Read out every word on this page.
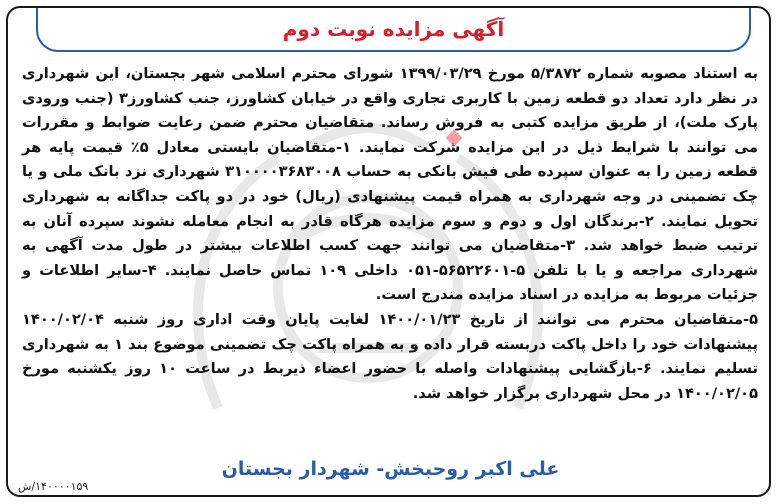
آگهی مزایده نوبت دوم

به استناد مصوبه شماره ۵/۳۸۷۲ مورخ ۱۳۹۹/۰۳/۲۹ شورای محترم اسلامی شهر بجستان، این شهرداری در نظر دارد تعداد دو قطعه زمین با کاربری تجاری واقع در خیابان کشاورز، جنب کشاورز۳ (جنب ورودی پارک ملت)، از طریق مزایده کتبی به فروش رساند. متقاضیان محترم ضمن رعایت ضوابط و مقررات می توانند با شرایط ذیل در این مزایده شرکت نمایند. ۱-متقاضیان بایستی معادل ۵٪ قیمت پایه هر قطعه زمین را به عنوان سپرده طی فیش بانکی به حساب ۳۱۰۰۰۰۳۶۸۳۰۰۸ شهرداری نزد بانک ملی و یا چک تضمینی در وجه شهرداری به همراه قیمت پیشنهادی (ریال) خود در دو پاکت جداگانه به شهرداری تحویل نمایند. ۲-برندگان اول و دوم و سوم مزایده هرگاه قادر به انجام معامله نشوند سپرده آنان به ترتیب ضبط خواهد شد. ۳-متقاضیان می توانند جهت کسب اطلاعات بیشتر در طول مدت آگهی به شهرداری مراجعه و یا با تلفن ۵-۵۶۵۲۲۶۰۱-۰۵۱ داخلی ۱۰۹ تماس حاصل نمایند. ۴-سایر اطلاعات و جزئیات مربوط به مزایده در اسناد مزایده مندرج است.

۵-متقاضیان محترم می توانند از تاریخ ۱۴۰۰/۰۱/۲۳ لغایت پایان وقت اداری روز شنبه ۱۴۰۰/۰۲/۰۴ پیشنهادات خود را داخل پاکت دربسته قرار داده و به همراه پاکت چک تضمینی موضوع بند ۱ به شهرداری تسلیم نمایند. ۶-بازگشایی پیشنهادات واصله با حضور اعضاء ذیربط در ساعت ۱۰ روز یکشنبه مورخ ۱۴۰۰/۰۲/۰۵ در محل شهرداری برگزار خواهد شد.

علی اکبر روحبخش- شهردار بجستان
۱۴۰۰۰۰۱۵۹/ش
